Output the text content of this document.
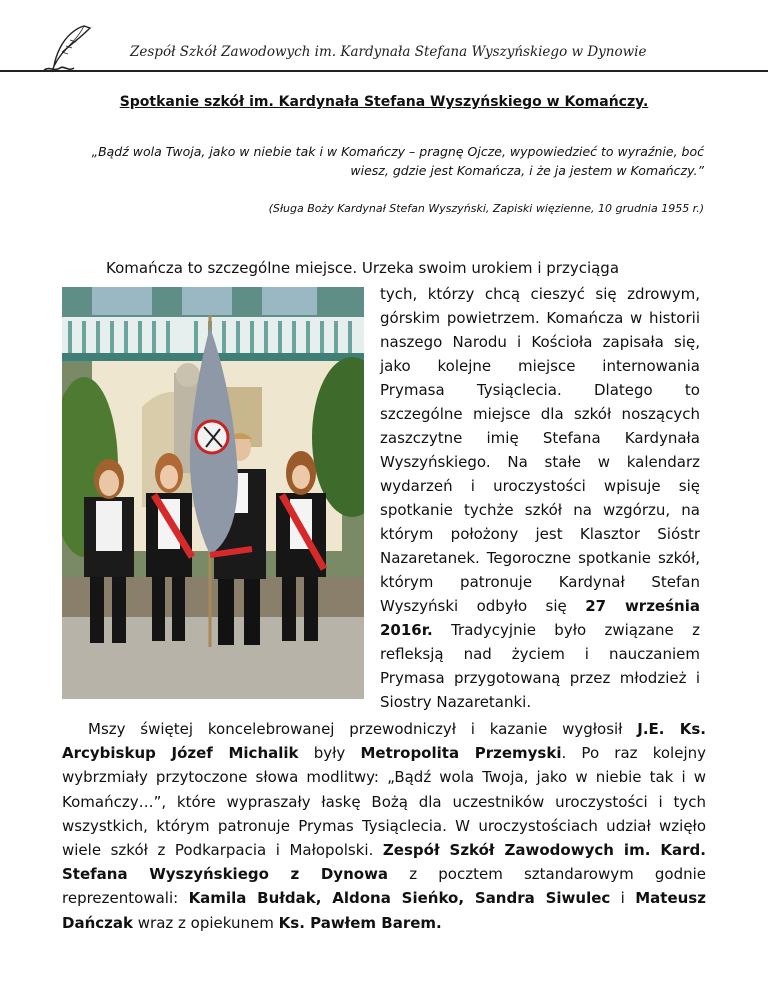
Zespół Szkół Zawodowych im. Kardynała Stefana Wyszyńskiego w Dynowie
Spotkanie szkół im. Kardynała Stefana Wyszyńskiego w Komańczy.

„Bądź wola Twoja, jako w niebie tak i w Komańczy – pragnę Ojcze, wypowiedzieć to wyraźnie, boć wiesz, gdzie jest Komańcza, i że ja jestem w Komańczy.”

(Sługa Boży Kardynał Stefan Wyszyński, Zapiski więzienne, 10 grudnia 1955 r.)

Komańcza to szczególne miejsce. Urzeka swoim urokiem i przyciąga

tych, którzy chcą cieszyć się zdrowym, górskim powietrzem. Komańcza w historii naszego Narodu i Kościoła zapisała się, jako kolejne miejsce internowania Prymasa Tysiąclecia. Dlatego to szczególne miejsce dla szkół noszących zaszczytne imię Stefana Kardynała Wyszyńskiego. Na stałe w kalendarz wydarzeń i uroczystości wpisuje się spotkanie tychże szkół na wzgórzu, na którym położony jest Klasztor Sióstr Nazaretanek. Tegoroczne spotkanie szkół, którym patronuje Kardynał Stefan Wyszyński odbyło się 27 września 2016r. Tradycyjnie było związane z refleksją nad życiem i nauczaniem Prymasa przygotowaną przez młodzież i Siostry Nazaretanki.

Mszy świętej koncelebrowanej przewodniczył i kazanie wygłosił J.E. Ks. Arcybiskup Józef Michalik były Metropolita Przemyski. Po raz kolejny wybrzmiały przytoczone słowa modlitwy: „Bądź wola Twoja, jako w niebie tak i w Komańczy…”, które wypraszały łaskę Bożą dla uczestników uroczystości i tych wszystkich, którym patronuje Prymas Tysiąclecia. W uroczystościach udział wzięło wiele szkół z Podkarpacia i Małopolski. Zespół Szkół Zawodowych im. Kard. Stefana Wyszyńskiego z Dynowa z pocztem sztandarowym godnie reprezentowali: Kamila Bułdak, Aldona Sieńko, Sandra Siwulec i Mateusz Dańczak wraz z opiekunem Ks. Pawłem Barem.
